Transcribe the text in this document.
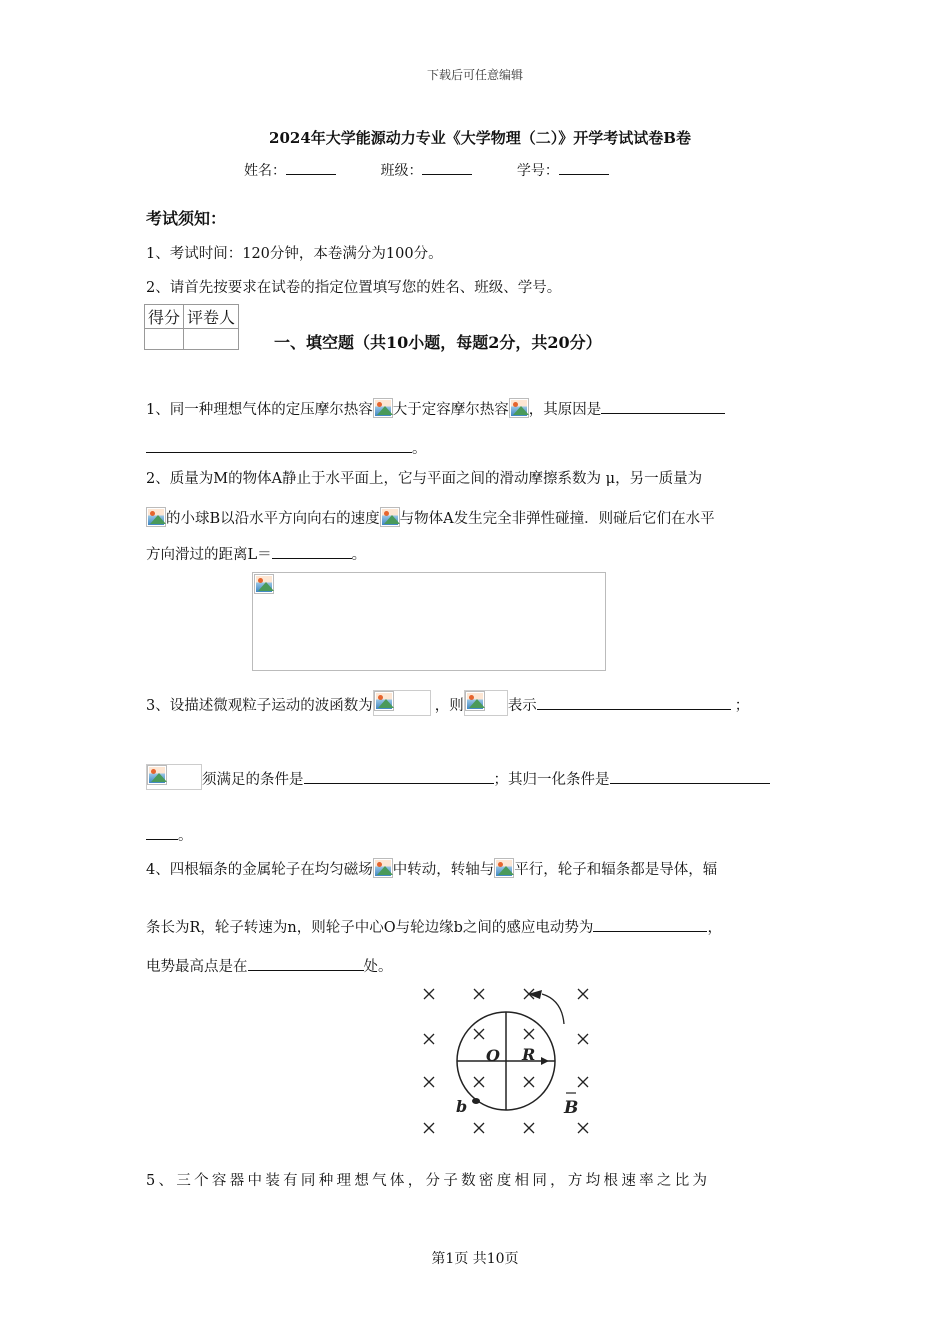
下载后可任意编辑
2024年大学能源动力专业《大学物理（二）》开学考试试卷B卷
姓名：	班级：	学号：
考试须知：
1、考试时间：120分钟，本卷满分为100分。
2、请首先按要求在试卷的指定位置填写您的姓名、班级、学号。
得分	评卷人

一、填空题（共10小题，每题2分，共20分）
1、同一种理想气体的定压摩尔热容 大于定容摩尔热容 ，其原因是
。
2、质量为M的物体A静止于水平面上，它与平面之间的滑动摩擦系数为 μ，另一质量为
的小球B以沿水平方向向右的速度 与物体A发生完全非弹性碰撞．则碰后它们在水平
方向滑过的距离L＝	。
3、设描述微观粒子运动的波函数为	，则	表示	；
须满足的条件是	；其归一化条件是
。
4、四根辐条的金属轮子在均匀磁场 中转动，转轴与 平行，轮子和辐条都是导体，辐
条长为R，轮子转速为n，则轮子中心O与轮边缘b之间的感应电动势为	，
电势最高点是在	处。
O R
b	B
5、三个容器中装有同种理想气体，分子数密度相同，方均根速率之比为
第1页 共10页
